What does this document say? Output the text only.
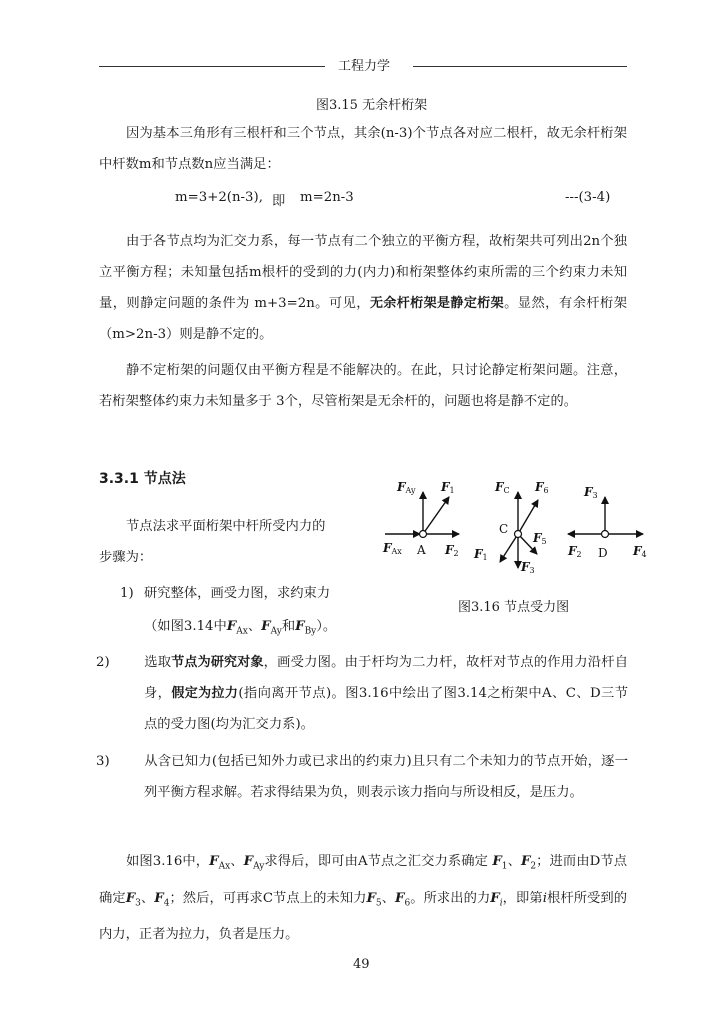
工程力学
图3.15 无余杆桁架
因为基本三角形有三根杆和三个节点，其余(n-3)个节点各对应二根杆，故无余杆桁架中杆数m和节点数n应当满足：
m=3+2(n-3), 即 m=2n-3	---(3-4)
由于各节点均为汇交力系，每一节点有二个独立的平衡方程，故桁架共可列出2n个独立平衡方程；未知量包括m根杆的受到的力(内力)和桁架整体约束所需的三个约束力未知量，则静定问题的条件为 m+3=2n。可见，无余杆桁架是静定桁架。显然，有余杆桁架（m>2n-3）则是静不定的。
静不定桁架的问题仅由平衡方程是不能解决的。在此，只讨论静定桁架问题。注意，若桁架整体约束力未知量多于 3个，尽管桁架是无余杆的，问题也将是静不定的。
3.3.1 节点法
节点法求平面桁架中杆所受内力的
步骤为：
FAy F1
FAx A F2
FC F6
C
F5
F1
F3
F3
F2 D F4
图3.16 节点受力图
1) 研究整体，画受力图，求约束力
（如图3.14中$F_{Ax}$、$F_{Ay}$和$F_{By}$）。
2)	选取节点为研究对象，画受力图。由于杆均为二力杆，故杆对节点的作用力沿杆自身，假定为拉力(指向离开节点)。图3.16中绘出了图3.14之桁架中A、C、D三节点的受力图(均为汇交力系)。
3)	从含已知力(包括已知外力或已求出的约束力)且只有二个未知力的节点开始，逐一列平衡方程求解。若求得结果为负，则表示该力指向与所设相反，是压力。
如图3.16中，$F_{Ax}$、$F_{Ay}$求得后，即可由A节点之汇交力系确定 $F_1$、$F_2$；进而由D节点确定$F_3$、$F_4$；然后，可再求C节点上的未知力$F_5$、$F_6$。所求出的力$F_i$，即第i根杆所受到的内力，正者为拉力，负者是压力。
49
